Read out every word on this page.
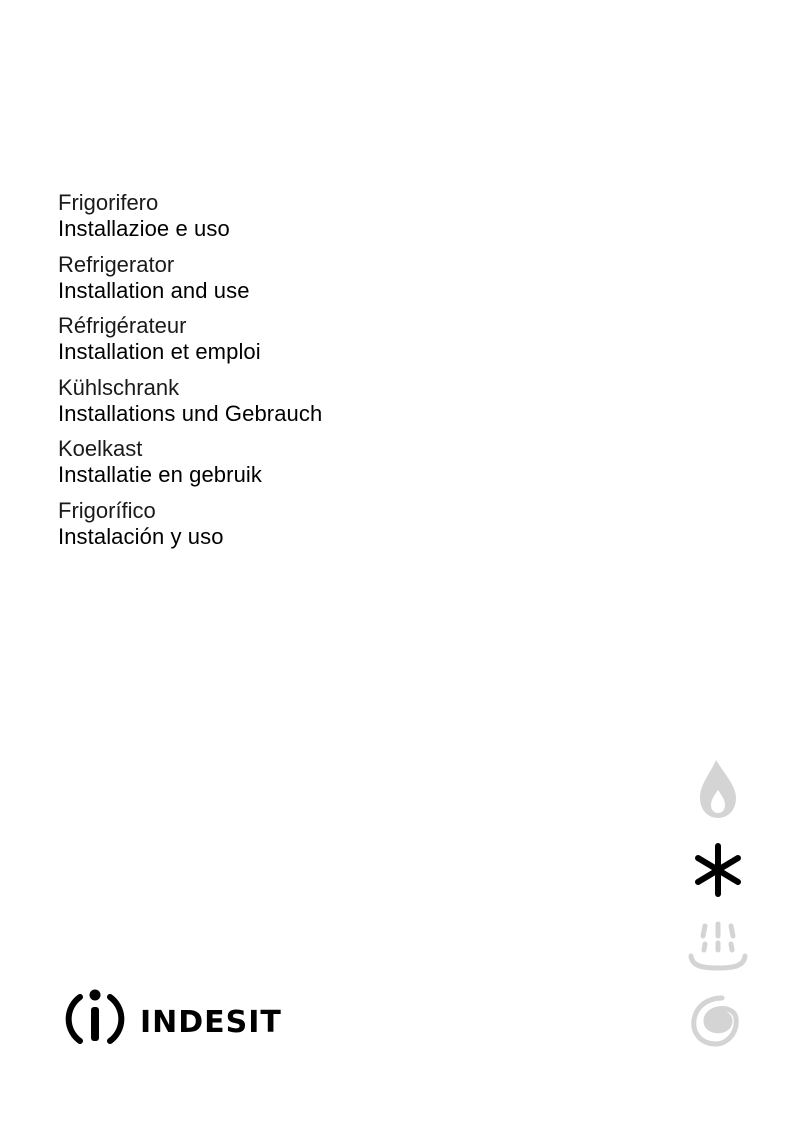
Frigorifero
Installazioe e uso
Refrigerator
Installation and use
Réfrigérateur
Installation et emploi
Kühlschrank
Installations und Gebrauch
Koelkast
Installatie en gebruik
Frigorífico
Instalación y uso
indesit
